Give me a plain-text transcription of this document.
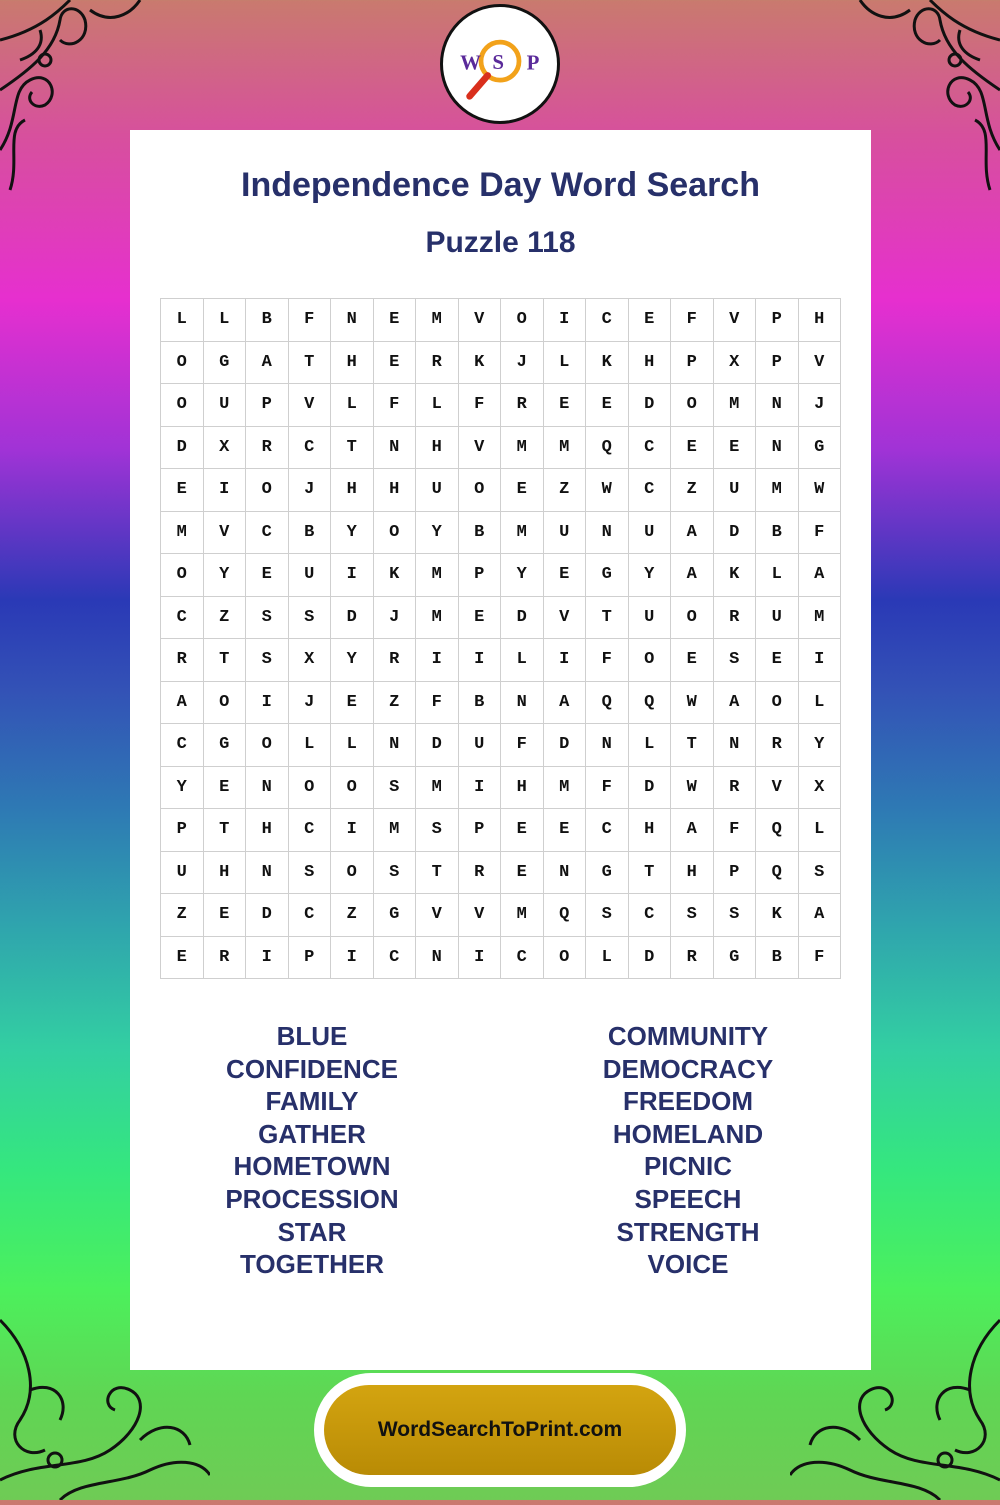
W S P
Independence Day Word Search
Puzzle 118
L	L	B	F	N	E	M	V	O	I	C	E	F	V	P	H
O	G	A	T	H	E	R	K	J	L	K	H	P	X	P	V
O	U	P	V	L	F	L	F	R	E	E	D	O	M	N	J
D	X	R	C	T	N	H	V	M	M	Q	C	E	E	N	G
E	I	O	J	H	H	U	O	E	Z	W	C	Z	U	M	W
M	V	C	B	Y	O	Y	B	M	U	N	U	A	D	B	F
O	Y	E	U	I	K	M	P	Y	E	G	Y	A	K	L	A
C	Z	S	S	D	J	M	E	D	V	T	U	O	R	U	M
R	T	S	X	Y	R	I	I	L	I	F	O	E	S	E	I
A	O	I	J	E	Z	F	B	N	A	Q	Q	W	A	O	L
C	G	O	L	L	N	D	U	F	D	N	L	T	N	R	Y
Y	E	N	O	O	S	M	I	H	M	F	D	W	R	V	X
P	T	H	C	I	M	S	P	E	E	C	H	A	F	Q	L
U	H	N	S	O	S	T	R	E	N	G	T	H	P	Q	S
Z	E	D	C	Z	G	V	V	M	Q	S	C	S	S	K	A
E	R	I	P	I	C	N	I	C	O	L	D	R	G	B	F
BLUE
CONFIDENCE
FAMILY
GATHER
HOMETOWN
PROCESSION
STAR
TOGETHER
COMMUNITY
DEMOCRACY
FREEDOM
HOMELAND
PICNIC
SPEECH
STRENGTH
VOICE
WordSearchToPrint.com
